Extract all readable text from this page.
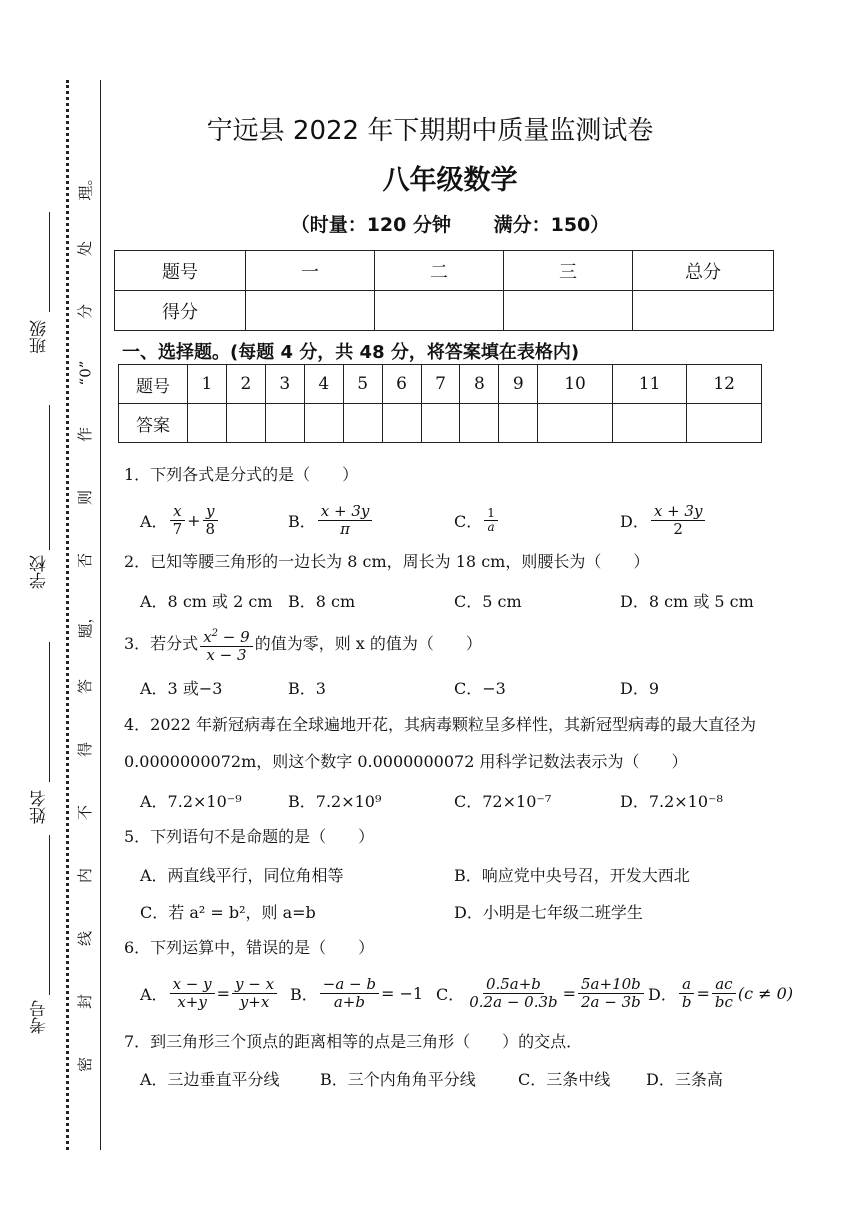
班级
学校
姓名
考号
理。
处
分
“0”
作
则
否
题，
答
得
不
内
线
封
密
宁远县 2022 年下期期中质量监测试卷
八年级数学
（时量：120 分钟 满分：150）
题号	一	二	三	总分
得分				
一、选择题。(每题 4 分，共 48 分，将答案填在表格内)
题号	1	2	3	4	5	6	7	8	9	10	11	12
答案												
1．下列各式是分式的是（　　）
A． $\frac{x}{7} + \frac{y}{8}$	B． $\frac{x + 3y}{\pi}$	C． $\frac{1}{a}$	D． $\frac{x + 3y}{2}$
2．已知等腰三角形的一边长为 8 cm，周长为 18 cm，则腰长为（　　）
A．8 cm 或 2 cm B．8 cm	C．5 cm	D．8 cm 或 5 cm
3．若分式 $\frac{x^2 - 9}{x - 3}$ 的值为零，则 x 的值为（　　）
A．3 或−3	B．3	C．−3	D．9
4．2022 年新冠病毒在全球遍地开花，其病毒颗粒呈多样性，其新冠型病毒的最大直径为
0.0000000072m，则这个数字 0.0000000072 用科学记数法表示为（　　）
A．7.2×10⁻⁹	B．7.2×10⁹	C．72×10⁻⁷	D．7.2×10⁻⁸
5．下列语句不是命题的是（　　）
A．两直线平行，同位角相等	B．响应党中央号召，开发大西北
C．若 a² = b²，则 a=b	D．小明是七年级二班学生
6．下列运算中，错误的是（　　）
A． $\frac{x - y}{x+y} = \frac{y - x}{y+x}$ B． $\frac{-a - b}{a+b} = -1$ C． $\frac{0.5a+b}{0.2a - 0.3b} = \frac{5a+10b}{2a - 3b}$ D． $\frac{a}{b} = \frac{ac}{bc} (c \ne 0)$
7．到三角形三个顶点的距离相等的点是三角形（　　）的交点．
A．三边垂直平分线	B．三个内角角平分线	C．三条中线 D．三条高
